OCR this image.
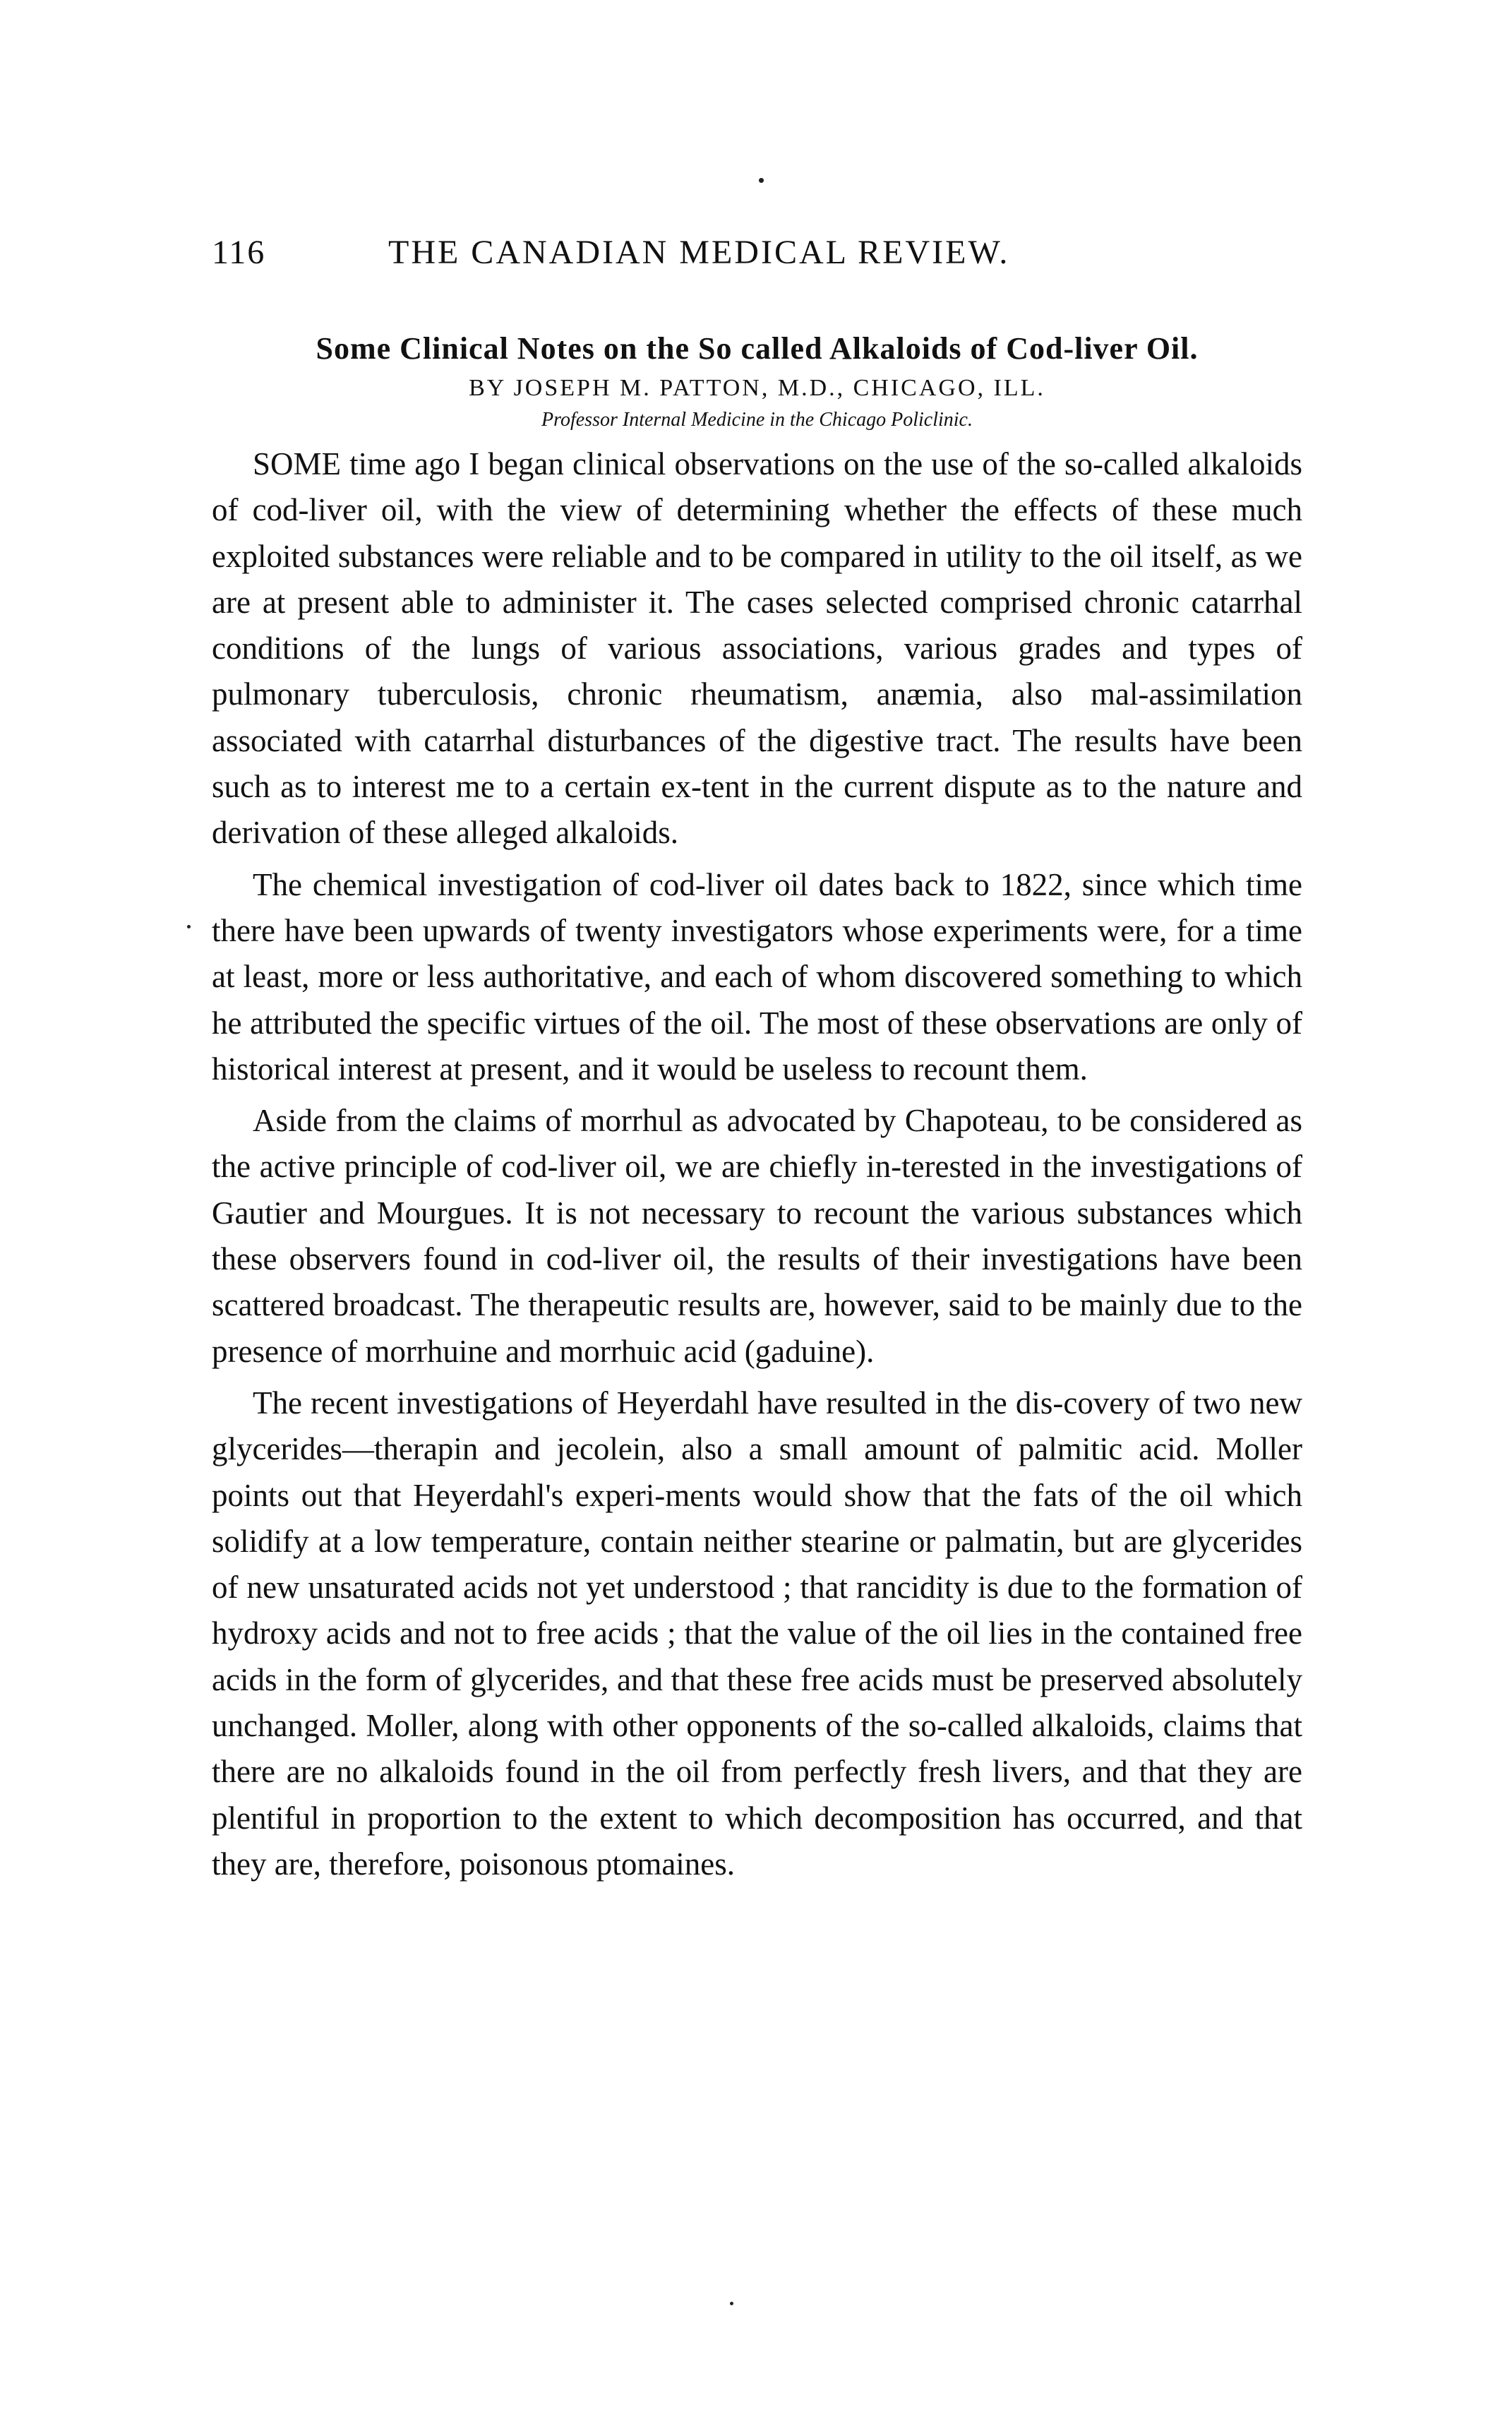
116	THE CANADIAN MEDICAL REVIEW.
Some Clinical Notes on the So called Alkaloids of Cod-liver Oil.
BY JOSEPH M. PATTON, M.D., CHICAGO, ILL.
Professor Internal Medicine in the Chicago Policlinic.

SOME time ago I began clinical observations on the use of the so-called alkaloids of cod-liver oil, with the view of determining whether the effects of these much exploited substances were reliable and to be compared in utility to the oil itself, as we are at present able to administer it. The cases selected comprised chronic catarrhal conditions of the lungs of various associations, various grades and types of pulmonary tuberculosis, chronic rheumatism, anæmia, also mal-assimilation associated with catarrhal disturbances of the digestive tract. The results have been such as to interest me to a certain ex-tent in the current dispute as to the nature and derivation of these alleged alkaloids.

The chemical investigation of cod-liver oil dates back to 1822, since which time there have been upwards of twenty investigators whose experiments were, for a time at least, more or less authoritative, and each of whom discovered something to which he attributed the specific virtues of the oil. The most of these observations are only of historical interest at present, and it would be useless to recount them.

Aside from the claims of morrhul as advocated by Chapoteau, to be considered as the active principle of cod-liver oil, we are chiefly in-terested in the investigations of Gautier and Mourgues. It is not necessary to recount the various substances which these observers found in cod-liver oil, the results of their investigations have been scattered broadcast. The therapeutic results are, however, said to be mainly due to the presence of morrhuine and morrhuic acid (gaduine).

The recent investigations of Heyerdahl have resulted in the dis-covery of two new glycerides—therapin and jecolein, also a small amount of palmitic acid. Moller points out that Heyerdahl's experi-ments would show that the fats of the oil which solidify at a low temperature, contain neither stearine or palmatin, but are glycerides of new unsaturated acids not yet understood ; that rancidity is due to the formation of hydroxy acids and not to free acids ; that the value of the oil lies in the contained free acids in the form of glycerides, and that these free acids must be preserved absolutely unchanged. Moller, along with other opponents of the so-called alkaloids, claims that there are no alkaloids found in the oil from perfectly fresh livers, and that they are plentiful in proportion to the extent to which decomposition has occurred, and that they are, therefore, poisonous ptomaines.
